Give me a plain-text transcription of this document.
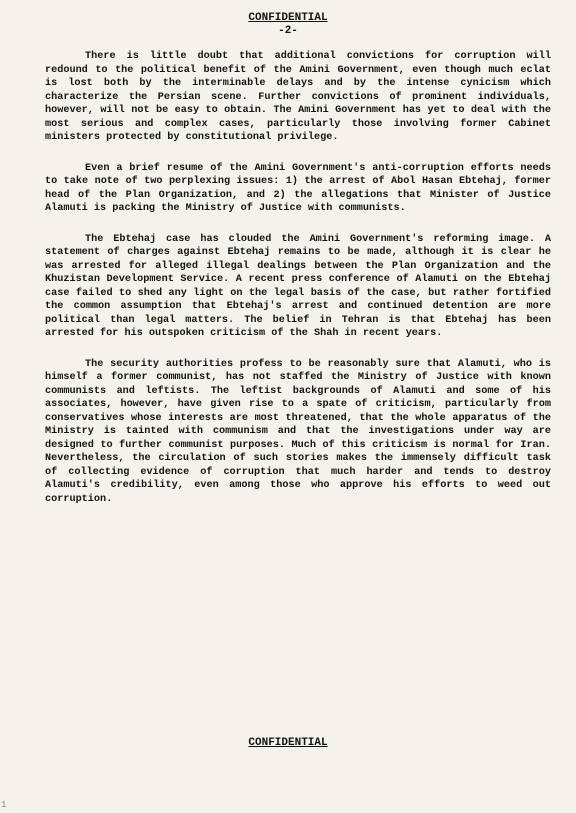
CONFIDENTIAL
-2-

There is little doubt that additional convictions for corruption will redound to the political benefit of the Amini Government, even though much eclat is lost both by the interminable delays and by the intense cynicism which characterize the Persian scene. Further convictions of prominent individuals, however, will not be easy to obtain. The Amini Government has yet to deal with the most serious and complex cases, particularly those involving former Cabinet ministers protected by constitutional privilege.

Even a brief resume of the Amini Government's anti-corruption efforts needs to take note of two perplexing issues: 1) the arrest of Abol Hasan Ebtehaj, former head of the Plan Organization, and 2) the allegations that Minister of Justice Alamuti is packing the Ministry of Justice with communists.

The Ebtehaj case has clouded the Amini Government's reforming image. A statement of charges against Ebtehaj remains to be made, although it is clear he was arrested for alleged illegal dealings between the Plan Organization and the Khuzistan Development Service. A recent press conference of Alamuti on the Ebtehaj case failed to shed any light on the legal basis of the case, but rather fortified the common assumption that Ebtehaj's arrest and continued detention are more political than legal matters. The belief in Tehran is that Ebtehaj has been arrested for his outspoken criticism of the Shah in recent years.

The security authorities profess to be reasonably sure that Alamuti, who is himself a former communist, has not staffed the Ministry of Justice with known communists and leftists. The leftist backgrounds of Alamuti and some of his associates, however, have given rise to a spate of criticism, particularly from conservatives whose interests are most threatened, that the whole apparatus of the Ministry is tainted with communism and that the investigations under way are designed to further communist purposes. Much of this criticism is normal for Iran. Nevertheless, the circulation of such stories makes the immensely difficult task of collecting evidence of corruption that much harder and tends to destroy Alamuti's credibility, even among those who approve his efforts to weed out corruption.

CONFIDENTIAL
1
